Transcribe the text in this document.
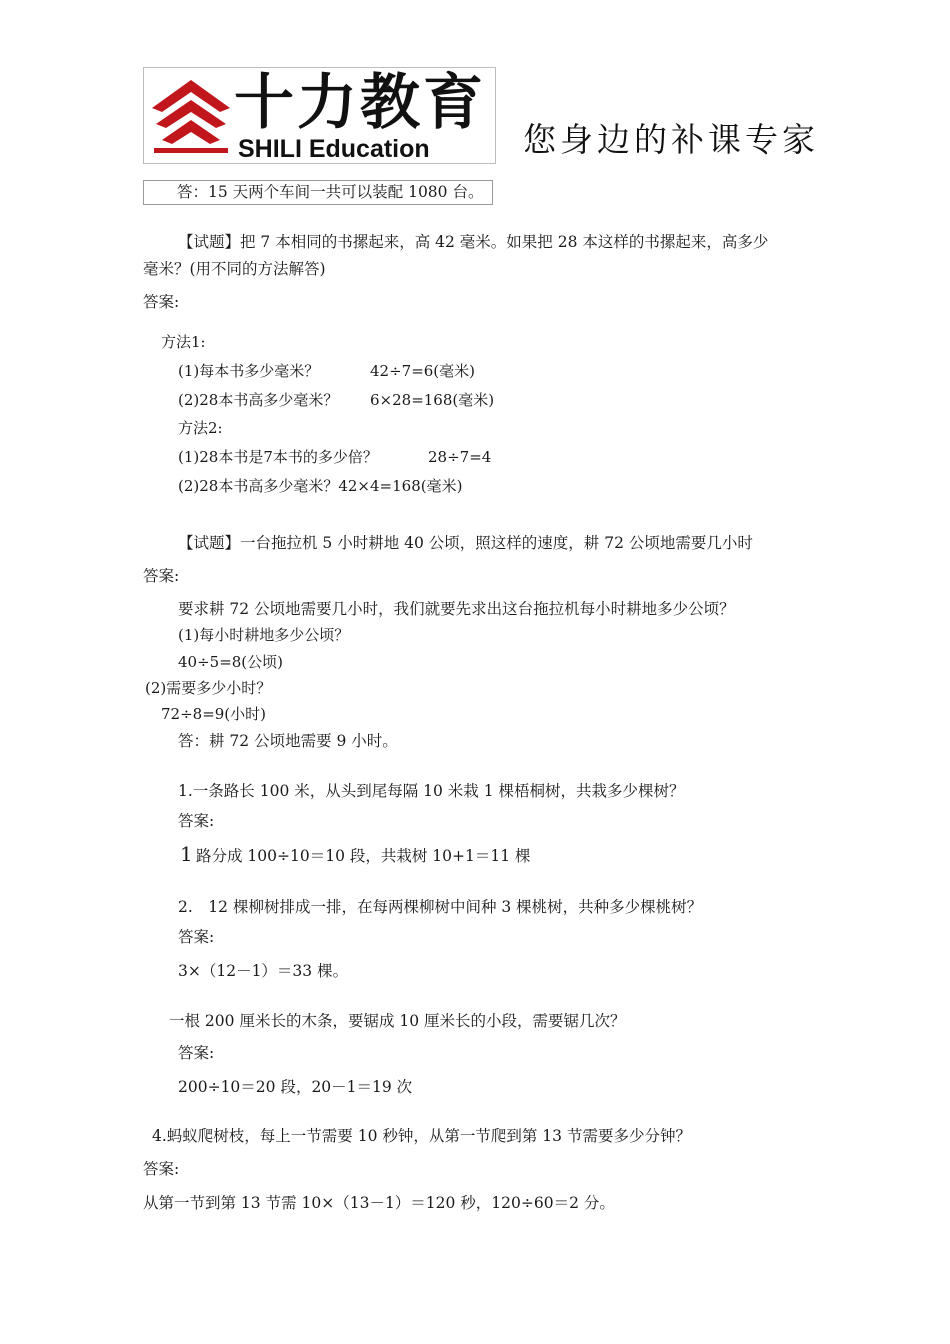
十力教育
SHILI Education	您身边的补课专家
答：15 天两个车间一共可以装配 1080 台。
【试题】把 7 本相同的书摞起来，高 42 毫米。如果把 28 本这样的书摞起来，高多少
毫米？(用不同的方法解答)
答案:
方法1:
(1)每本书多少毫米？	42÷7=6(毫米)
(2)28本书高多少毫米？ 6×28=168(毫米)
方法2:
(1)28本书是7本书的多少倍？	28÷7=4
(2)28本书高多少毫米？42×4=168(毫米)
【试题】一台拖拉机 5 小时耕地 40 公顷，照这样的速度，耕 72 公顷地需要几小时
答案:
要求耕 72 公顷地需要几小时，我们就要先求出这台拖拉机每小时耕地多少公顷？
(1)每小时耕地多少公顷？
40÷5=8(公顷)
(2)需要多少小时？
72÷8=9(小时)
答：耕 72 公顷地需要 9 小时。
1.一条路长 100 米，从头到尾每隔 10 米栽 1 棵梧桐树，共栽多少棵树？
答案:
1 路分成 100÷10＝10 段，共栽树 10+1＝11 棵
2.　12 棵柳树排成一排，在每两棵柳树中间种 3 棵桃树，共种多少棵桃树？
答案:
3×（12－1）＝33 棵。
一根 200 厘米长的木条，要锯成 10 厘米长的小段，需要锯几次？
答案:
200÷10＝20 段，20－1＝19 次
4.蚂蚁爬树枝，每上一节需要 10 秒钟，从第一节爬到第 13 节需要多少分钟？
答案:
从第一节到第 13 节需 10×（13－1）＝120 秒，120÷60＝2 分。
